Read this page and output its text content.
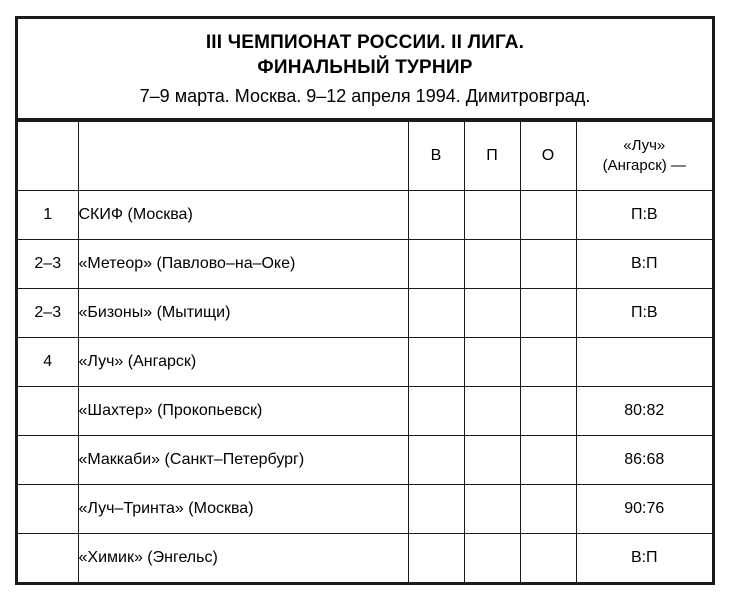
III ЧЕМПИОНАТ РОССИИ. II ЛИГА.
ФИНАЛЬНЫЙ ТУРНИР
7–9 марта. Москва. 9–12 апреля 1994. Димитровград.
		В	П	О	«Луч»
(Ангарск) —

1	СКИФ (Москва)				П:В
2–3	«Метеор» (Павлово–на–Оке)				В:П
2–3	«Бизоны» (Мытищи)				П:В
4	«Луч» (Ангарск)				
	«Шахтер» (Прокопьевск)				80:82
	«Маккаби» (Санкт–Петербург)				86:68
	«Луч–Тринта» (Москва)				90:76
	«Химик» (Энгельс)				В:П
